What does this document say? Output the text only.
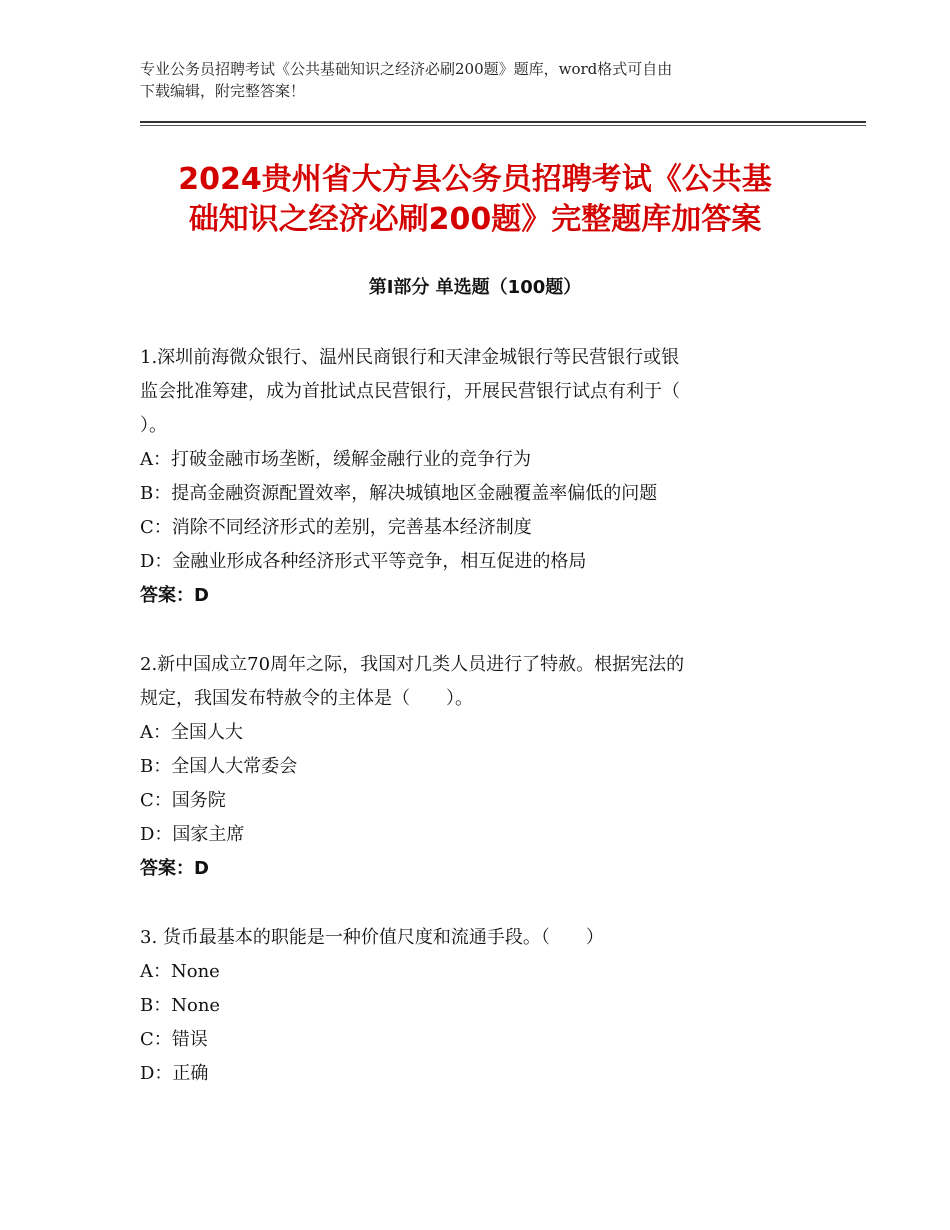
专业公务员招聘考试《公共基础知识之经济必刷200题》题库，word格式可自由

下载编辑，附完整答案！

2024贵州省大方县公务员招聘考试《公共基

础知识之经济必刷200题》完整题库加答案

第Ⅰ部分 单选题（100题）

1.深圳前海微众银行、温州民商银行和天津金城银行等民营银行或银

监会批准筹建，成为首批试点民营银行，开展民营银行试点有利于（

）。

A：打破金融市场垄断，缓解金融行业的竞争行为

B：提高金融资源配置效率，解决城镇地区金融覆盖率偏低的问题

C：消除不同经济形式的差别，完善基本经济制度

D：金融业形成各种经济形式平等竞争，相互促进的格局

答案：D

2.新中国成立70周年之际，我国对几类人员进行了特赦。根据宪法的

规定，我国发布特赦令的主体是（　　）。

A：全国人大

B：全国人大常委会

C：国务院

D：国家主席

答案：D

3. 货币最基本的职能是一种价值尺度和流通手段。（　　）

A：None

B：None

C：错误

D：正确
